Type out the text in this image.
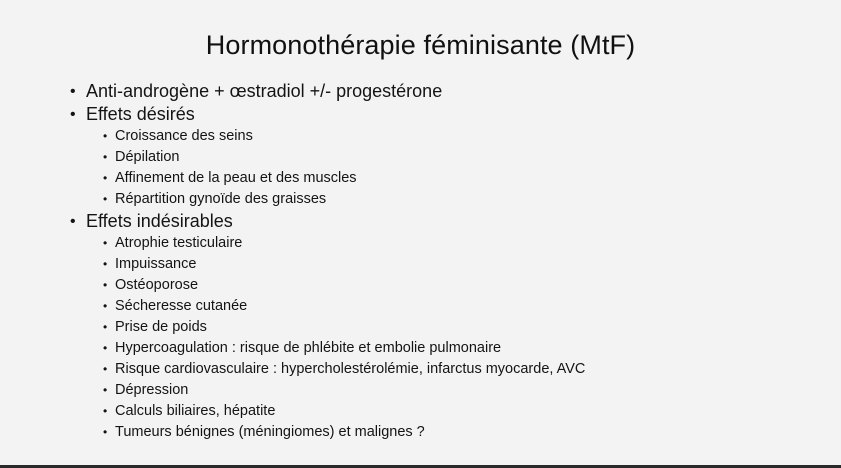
Hormonothérapie féminisante (MtF)
• Anti-androgène + œstradiol +/- progestérone
• Effets désirés
• Croissance des seins
• Dépilation
• Affinement de la peau et des muscles
• Répartition gynoïde des graisses
• Effets indésirables
• Atrophie testiculaire
• Impuissance
• Ostéoporose
• Sécheresse cutanée
• Prise de poids
• Hypercoagulation : risque de phlébite et embolie pulmonaire
• Risque cardiovasculaire : hypercholestérolémie, infarctus myocarde, AVC
• Dépression
• Calculs biliaires, hépatite
• Tumeurs bénignes (méningiomes) et malignes ?
